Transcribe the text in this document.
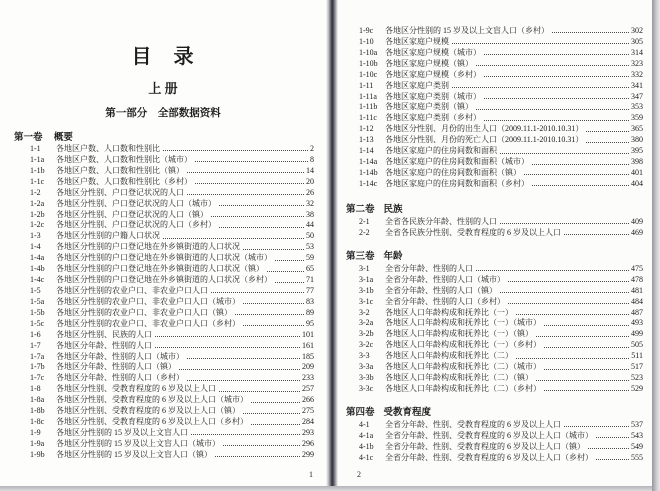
目　录
上 册
第一部分　全部数据资料
第一卷 概要
1-1	各地区户数、人口数和性别比	2
1-1a	各地区户数、人口数和性别比（城市）	8
1-1b	各地区户数、人口数和性别比（镇）	14
1-1c	各地区户数、人口数和性别比（乡村）	20
1-2	各地区分性别、户口登记状况的人口	26
1-2a	各地区分性别、户口登记状况的人口（城市）	32
1-2b	各地区分性别、户口登记状况的人口（镇）	38
1-2c	各地区分性别、户口登记状况的人口（乡村）	44
1-3	各地区分性别的户籍人口状况	50
1-4	各地区分性别的户口登记地在外乡镇街道的人口状况	53
1-4a	各地区分性别的户口登记地在外乡镇街道的人口状况（城市）	59
1-4b	各地区分性别的户口登记地在外乡镇街道的人口状况（镇）	65
1-4c	各地区分性别的户口登记地在外乡镇街道的人口状况（乡村）	71
1-5	各地区分性别的农业户口、非农业户口人口	77
1-5a	各地区分性别的农业户口、非农业户口人口（城市）	83
1-5b	各地区分性别的农业户口、非农业户口人口（镇）	89
1-5c	各地区分性别的农业户口、非农业户口人口（乡村）	95
1-6	各地区分性别、民族的人口	101
1-7	各地区分年龄、性别的人口	161
1-7a	各地区分年龄、性别的人口（城市）	185
1-7b	各地区分年龄、性别的人口（镇）	209
1-7c	各地区分年龄、性别的人口（乡村）	233
1-8	各地区分性别、受教育程度的 6 岁及以上人口	257
1-8a	各地区分性别、受教育程度的 6 岁及以上人口（城市）	266
1-8b	各地区分性别、受教育程度的 6 岁及以上人口（镇）	275
1-8c	各地区分性别、受教育程度的 6 岁及以上人口（乡村）	284
1-9	各地区分性别的 15 岁及以上文盲人口	293
1-9a	各地区分性别的 15 岁及以上文盲人口（城市）	296
1-9b	各地区分性别的 15 岁及以上文盲人口（镇）	299
1
1-9c	各地区分性别的 15 岁及以上文盲人口（乡村）	302
1-10	各地区家庭户规模	305
1-10a 各地区家庭户规模（城市）	314
1-10b 各地区家庭户规模（镇）	323
1-10c 各地区家庭户规模（乡村）	332
1-11	各地区家庭户类别	341
1-11a	各地区家庭户类别（城市）	347
1-11b 各地区家庭户类别（镇）	353
1-11c	各地区家庭户类别（乡村）	359
1-12	各地区分性别、月份的出生人口（2009.11.1-2010.10.31）	365
1-13	各地区分性别、月份的死亡人口（2009.11.1-2010.10.31）	380
1-14	各地区家庭户的住房间数和面积	395
1-14a 各地区家庭户的住房间数和面积（城市）	398
1-14b 各地区家庭户的住房间数和面积（镇）	401
1-14c 各地区家庭户的住房间数和面积（乡村）	404
第二卷 民族
2-1	全省各民族分年龄、性别的人口	409
2-2	全省各民族分性别、受教育程度的 6 岁及以上人口	469
第三卷 年龄
3-1	全省分年龄、性别的人口	475
3-1a	全省分年龄、性别的人口（城市）	478
3-1b	全省分年龄、性别的人口（镇）	481
3-1c	全省分年龄、性别的人口（乡村）	484
3-2	各地区人口年龄构成和抚养比（一）	487
3-2a	各地区人口年龄构成和抚养比（一）（城市）	493
3-2b	各地区人口年龄构成和抚养比（一）（镇）	499
3-2c	各地区人口年龄构成和抚养比（一）（乡村）	505
3-3	各地区人口年龄构成和抚养比（二）	511
3-3a	各地区人口年龄构成和抚养比（二）（城市）	517
3-3b	各地区人口年龄构成和抚养比（二）（镇）	523
3-3c	各地区人口年龄构成和抚养比（二）（乡村）	529
第四卷 受教育程度
4-1	全省分年龄、性别、受教育程度的 6 岁及以上人口	537
4-1a	全省分年龄、性别、受教育程度的 6 岁及以上人口（城市）	543
4-1b	全省分年龄、性别、受教育程度的 6 岁及以上人口（镇）	549
4-1c	全省分年龄、性别、受教育程度的 6 岁及以上人口（乡村）	555
2
